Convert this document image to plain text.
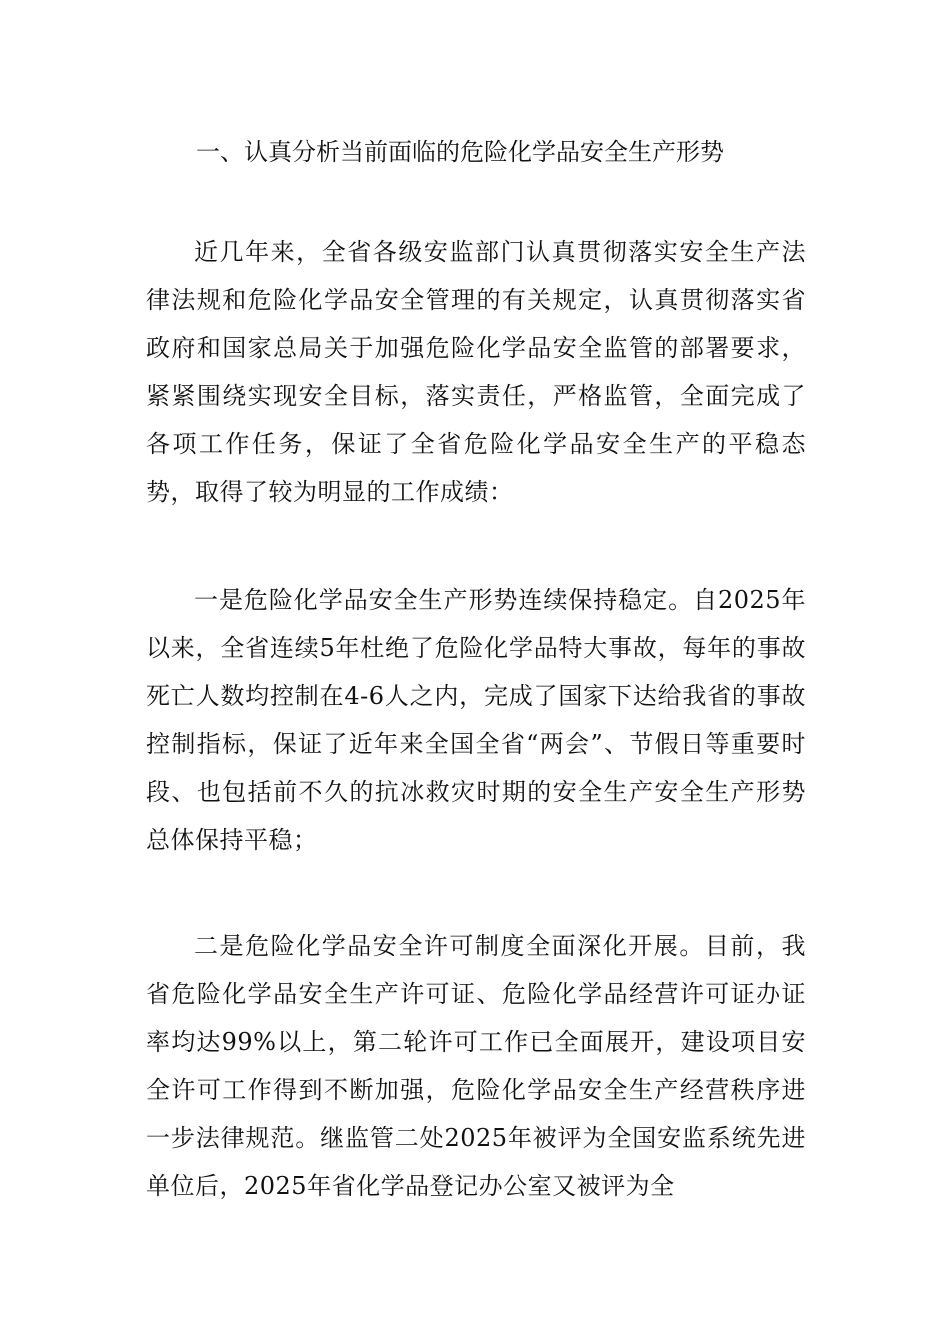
一、认真分析当前面临的危险化学品安全生产形势

近几年来，全省各级安监部门认真贯彻落实安全生产法律法规和危险化学品安全管理的有关规定，认真贯彻落实省政府和国家总局关于加强危险化学品安全监管的部署要求，紧紧围绕实现安全目标，落实责任，严格监管，全面完成了各项工作任务，保证了全省危险化学品安全生产的平稳态势，取得了较为明显的工作成绩：

一是危险化学品安全生产形势连续保持稳定。自2025年以来，全省连续5年杜绝了危险化学品特大事故，每年的事故死亡人数均控制在4-6人之内，完成了国家下达给我省的事故控制指标，保证了近年来全国全省“两会”、节假日等重要时段、也包括前不久的抗冰救灾时期的安全生产安全生产形势总体保持平稳；

二是危险化学品安全许可制度全面深化开展。目前，我省危险化学品安全生产许可证、危险化学品经营许可证办证率均达99%以上，第二轮许可工作已全面展开，建设项目安全许可工作得到不断加强，危险化学品安全生产经营秩序进一步法律规范。继监管二处2025年被评为全国安监系统先进单位后，2025年省化学品登记办公室又被评为全
